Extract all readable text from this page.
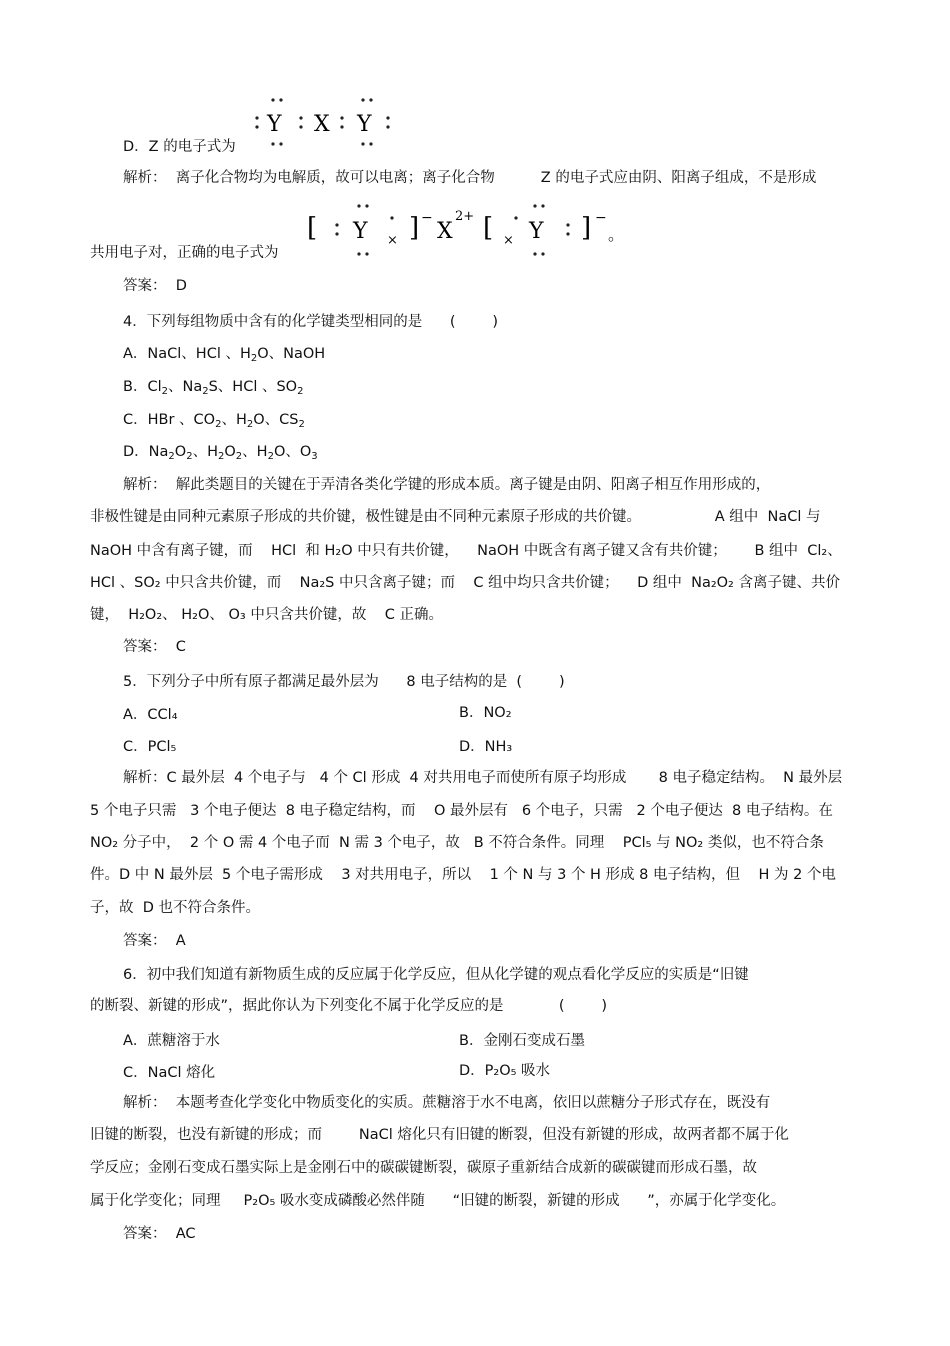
Y X Y
D．Z 的电子式为
解析：  离子化合物均为电解质，故可以电离；离子化合物          Z 的电子式应由阴、阳离子组成，不是形成
[ Y × ] −
X
2+ [ × Y ] −
。
共用电子对，正确的电子式为
答案：  D
4．下列每组物质中含有的化学键类型相同的是      (        )
A．NaCl、HCl 、$H_2O$、NaOH
B．$Cl_2$、$Na_2S$、HCl 、$SO_2$
C．HBr 、$CO_2$、$H_2O$、$CS_2$
D．$Na_2O_2$、$H_2O_2$、$H_2O$、$O_3$
解析：  解此类题目的关键在于弄清各类化学键的形成本质。离子键是由阴、阳离子相互作用形成的，
非极性键是由同种元素原子形成的共价键，极性键是由不同种元素原子形成的共价键。                A 组中  NaCl 与
NaOH 中含有离子键，而    HCl  和 H₂O 中只有共价键，    NaOH 中既含有离子键又含有共价键；      B 组中  Cl₂、
HCl 、SO₂ 中只含共价键，而    Na₂S 中只含离子键；而    C 组中均只含共价键；    D 组中  Na₂O₂ 含离子键、共价
键，  H₂O₂、 H₂O、 O₃ 中只含共价键，故    C 正确。
答案：  C
5．下列分子中所有原子都满足最外层为      8 电子结构的是  (        )
A．CCl₄	B．NO₂
C．PCl₅	D．NH₃
解析：C 最外层  4 个电子与   4 个 Cl 形成  4 对共用电子而使所有原子均形成       8 电子稳定结构。  N 最外层
5 个电子只需   3 个电子便达  8 电子稳定结构，而    O 最外层有   6 个电子，只需   2 个电子便达  8 电子结构。在
NO₂ 分子中，  2 个 O 需 4 个电子而  N 需 3 个电子，故   B 不符合条件。同理    PCl₅ 与 NO₂ 类似，也不符合条
件。D 中 N 最外层  5 个电子需形成    3 对共用电子，所以    1 个 N 与 3 个 H 形成 8 电子结构，但    H 为 2 个电
子，故  D 也不符合条件。
答案：  A
6．初中我们知道有新物质生成的反应属于化学反应，但从化学键的观点看化学反应的实质是“旧键
的断裂、新键的形成”，据此你认为下列变化不属于化学反应的是            (        )
A．蔗糖溶于水	B．金刚石变成石墨
C．NaCl 熔化	D．P₂O₅ 吸水
解析：  本题考查化学变化中物质变化的实质。蔗糖溶于水不电离，依旧以蔗糖分子形式存在，既没有
旧键的断裂，也没有新键的形成；而        NaCl 熔化只有旧键的断裂，但没有新键的形成，故两者都不属于化
学反应；金刚石变成石墨实际上是金刚石中的碳碳键断裂，碳原子重新结合成新的碳碳键而形成石墨，故
属于化学变化；同理     P₂O₅ 吸水变成磷酸必然伴随      “旧键的断裂，新键的形成      ”，亦属于化学变化。
答案：  AC
